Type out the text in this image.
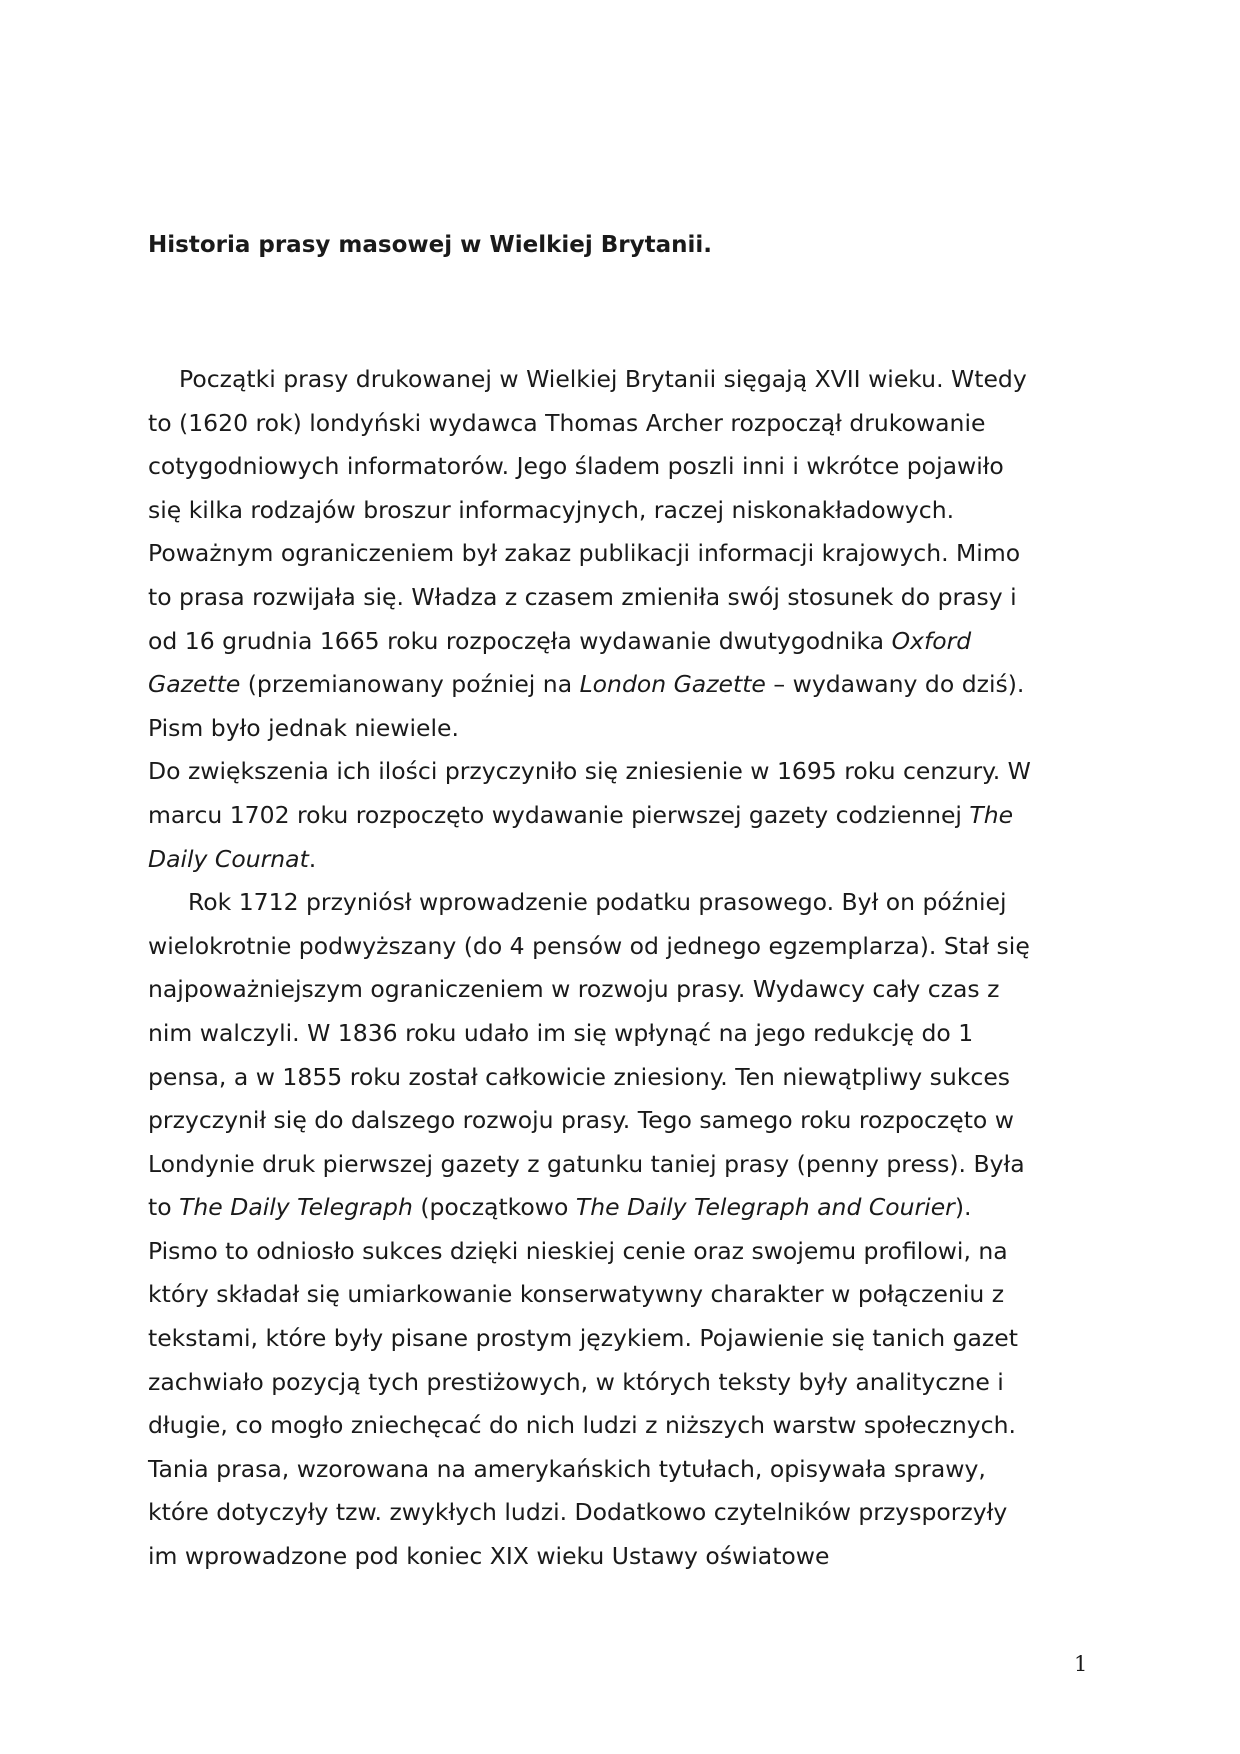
Historia prasy masowej w Wielkiej Brytanii.
Początki prasy drukowanej w Wielkiej Brytanii sięgają XVII wieku. Wtedy
to (1620 rok) londyński wydawca Thomas Archer rozpoczął drukowanie
cotygodniowych informatorów. Jego śladem poszli inni i wkrótce pojawiło
się kilka rodzajów broszur informacyjnych, raczej niskonakładowych.
Poważnym ograniczeniem był zakaz publikacji informacji krajowych. Mimo
to prasa rozwijała się. Władza z czasem zmieniła swój stosunek do prasy i
od 16 grudnia 1665 roku rozpoczęła wydawanie dwutygodnika Oxford
Gazette (przemianowany poźniej na London Gazette – wydawany do dziś).
Pism było jednak niewiele.
Do zwiększenia ich ilości przyczyniło się zniesienie w 1695 roku cenzury. W
marcu 1702 roku rozpoczęto wydawanie pierwszej gazety codziennej The
Daily Cournat.
Rok 1712 przyniósł wprowadzenie podatku prasowego. Był on później
wielokrotnie podwyższany (do 4 pensów od jednego egzemplarza). Stał się
najpoważniejszym ograniczeniem w rozwoju prasy. Wydawcy cały czas z
nim walczyli. W 1836 roku udało im się wpłynąć na jego redukcję do 1
pensa, a w 1855 roku został całkowicie zniesiony. Ten niewątpliwy sukces
przyczynił się do dalszego rozwoju prasy. Tego samego roku rozpoczęto w
Londynie druk pierwszej gazety z gatunku taniej prasy (penny press). Była
to The Daily Telegraph (początkowo The Daily Telegraph and Courier).
Pismo to odniosło sukces dzięki nieskiej cenie oraz swojemu profilowi, na
który składał się umiarkowanie konserwatywny charakter w połączeniu z
tekstami, które były pisane prostym językiem. Pojawienie się tanich gazet
zachwiało pozycją tych prestiżowych, w których teksty były analityczne i
długie, co mogło zniechęcać do nich ludzi z niższych warstw społecznych.
Tania prasa, wzorowana na amerykańskich tytułach, opisywała sprawy,
które dotyczyły tzw. zwykłych ludzi. Dodatkowo czytelników przysporzyły
im wprowadzone pod koniec XIX wieku Ustawy oświatowe
1
